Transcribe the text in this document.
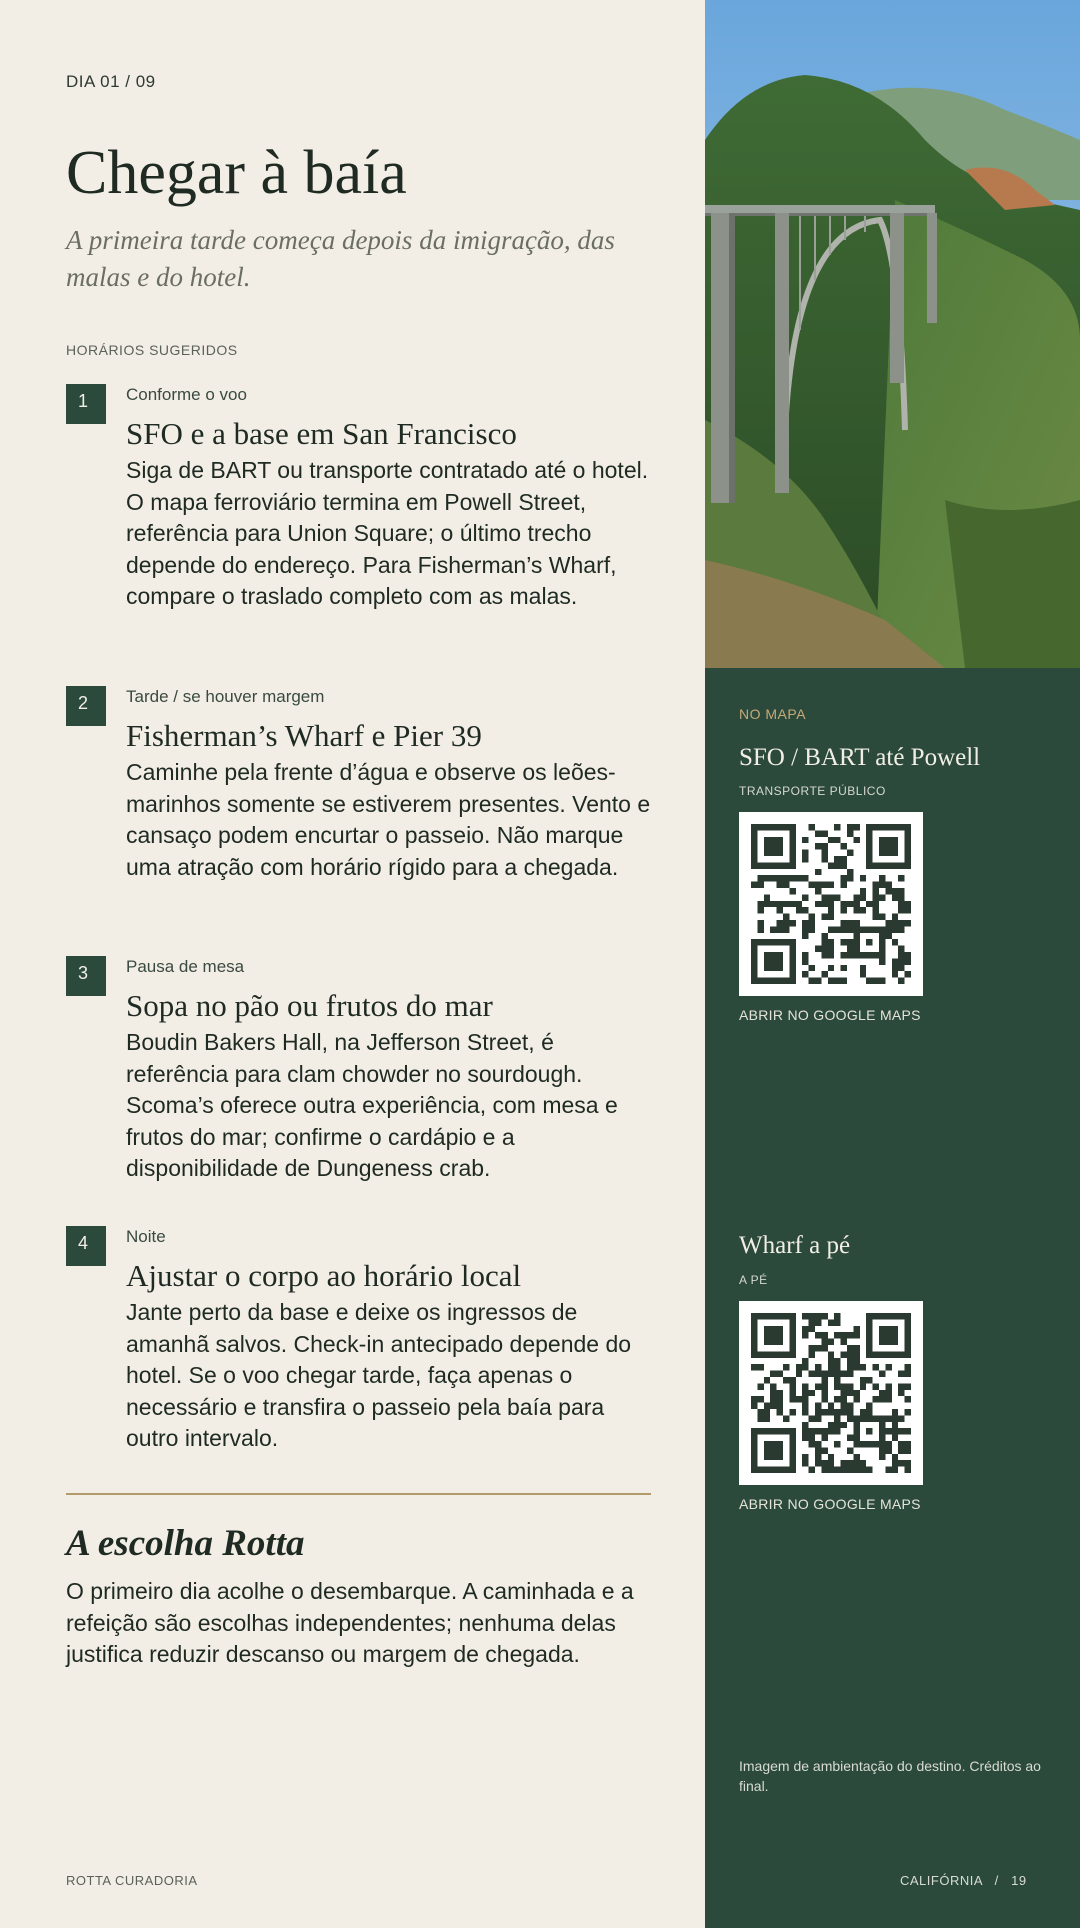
DIA 01 / 09
Chegar à baía

A primeira tarde começa depois da imigração, das malas e do hotel.

HORÁRIOS SUGERIDOS
1	Conforme o voo
SFO e a base em San Francisco
Siga de BART ou transporte contratado até o hotel. O mapa ferroviário termina em Powell Street, referência para Union Square; o último trecho depende do endereço. Para Fisherman’s Wharf, compare o traslado completo com as malas.
2	Tarde / se houver margem
Fisherman’s Wharf e Pier 39
Caminhe pela frente d’água e observe os leões-marinhos somente se estiverem presentes. Vento e cansaço podem encurtar o passeio. Não marque uma atração com horário rígido para a chegada.
3	Pausa de mesa
Sopa no pão ou frutos do mar
Boudin Bakers Hall, na Jefferson Street, é referência para clam chowder no sourdough. Scoma’s oferece outra experiência, com mesa e frutos do mar; confirme o cardápio e a disponibilidade de Dungeness crab.
4	Noite
Ajustar o corpo ao horário local
Jante perto da base e deixe os ingressos de amanhã salvos. Check-in antecipado depende do hotel. Se o voo chegar tarde, faça apenas o necessário e transfira o passeio pela baía para outro intervalo.
A escolha Rotta

O primeiro dia acolhe o desembarque. A caminhada e a refeição são escolhas independentes; nenhuma delas justifica reduzir descanso ou margem de chegada.

ROTTA CURADORIA
NO MAPA
SFO / BART até Powell
TRANSPORTE PÚBLICO
ABRIR NO GOOGLE MAPS
Wharf a pé
A PÉ
ABRIR NO GOOGLE MAPS
Imagem de ambientação do destino. Créditos ao final.
CALIFÓRNIA   /   19
